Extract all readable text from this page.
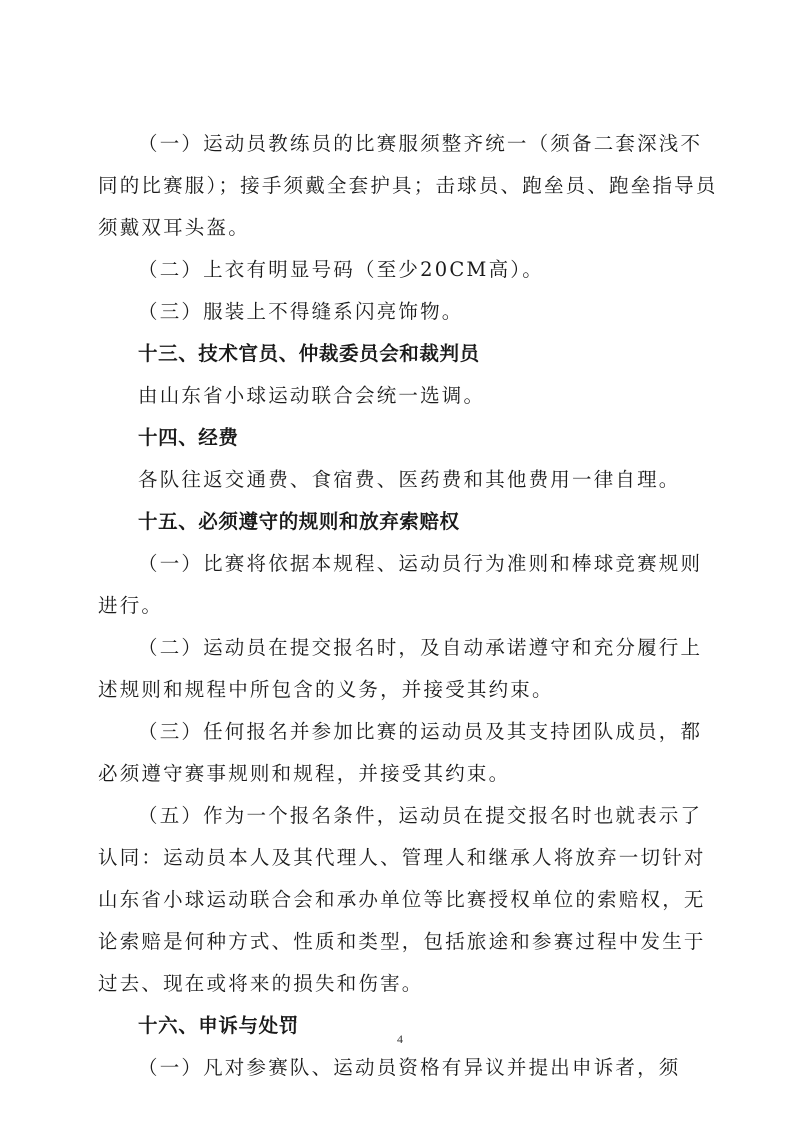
（一）运动员教练员的比赛服须整齐统一（须备二套深浅不
同的比赛服）；接手须戴全套护具；击球员、跑垒员、跑垒指导员
须戴双耳头盔。
（二）上衣有明显号码（至少20CM高）。
（三）服装上不得缝系闪亮饰物。
十三、技术官员、仲裁委员会和裁判员
由山东省小球运动联合会统一选调。
十四、经费
各队往返交通费、食宿费、医药费和其他费用一律自理。
十五、必须遵守的规则和放弃索赔权
（一）比赛将依据本规程、运动员行为准则和棒球竞赛规则
进行。
（二）运动员在提交报名时，及自动承诺遵守和充分履行上
述规则和规程中所包含的义务，并接受其约束。
（三）任何报名并参加比赛的运动员及其支持团队成员，都
必须遵守赛事规则和规程，并接受其约束。
（五）作为一个报名条件，运动员在提交报名时也就表示了
认同：运动员本人及其代理人、管理人和继承人将放弃一切针对
山东省小球运动联合会和承办单位等比赛授权单位的索赔权，无
论索赔是何种方式、性质和类型，包括旅途和参赛过程中发生于
过去、现在或将来的损失和伤害。
十六、申诉与处罚
（一）凡对参赛队、运动员资格有异议并提出申诉者，须
4
